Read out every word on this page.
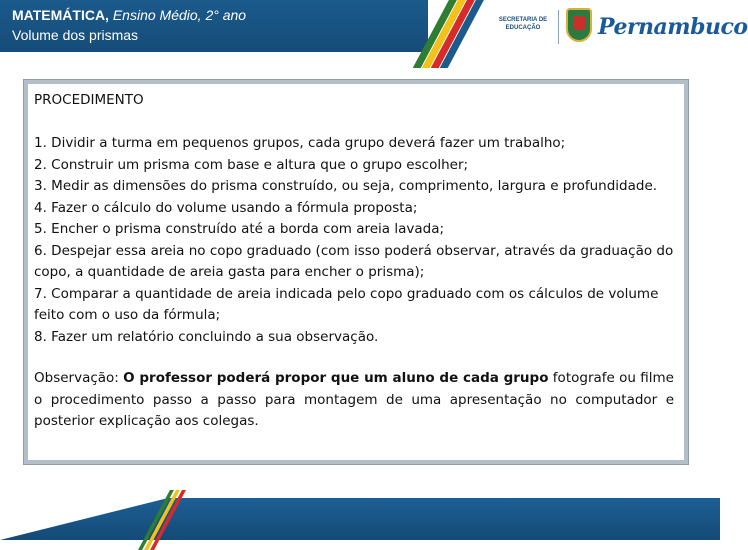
MATEMÁTICA, Ensino Médio, 2° ano
Volume dos prismas
SECRETARIA DE EDUCAÇÃO	Pernambuco
PROCEDIMENTO
1. Dividir a turma em pequenos grupos, cada grupo deverá fazer um trabalho;
2. Construir um prisma com base e altura que o grupo escolher;
3. Medir as dimensões do prisma construído, ou seja, comprimento, largura e profundidade.
4. Fazer o cálculo do volume usando a fórmula proposta;
5. Encher o prisma construído até a borda com areia lavada;
6. Despejar essa areia no copo graduado (com isso poderá observar, através da graduação do copo, a quantidade de areia gasta para encher o prisma);
7. Comparar a quantidade de areia indicada pelo copo graduado com os cálculos de volume feito com o uso da fórmula;
8. Fazer um relatório concluindo a sua observação.

Observação: O professor poderá propor que um aluno de cada grupo fotografe ou filme o procedimento passo a passo para montagem de uma apresentação no computador e posterior explicação aos colegas.
